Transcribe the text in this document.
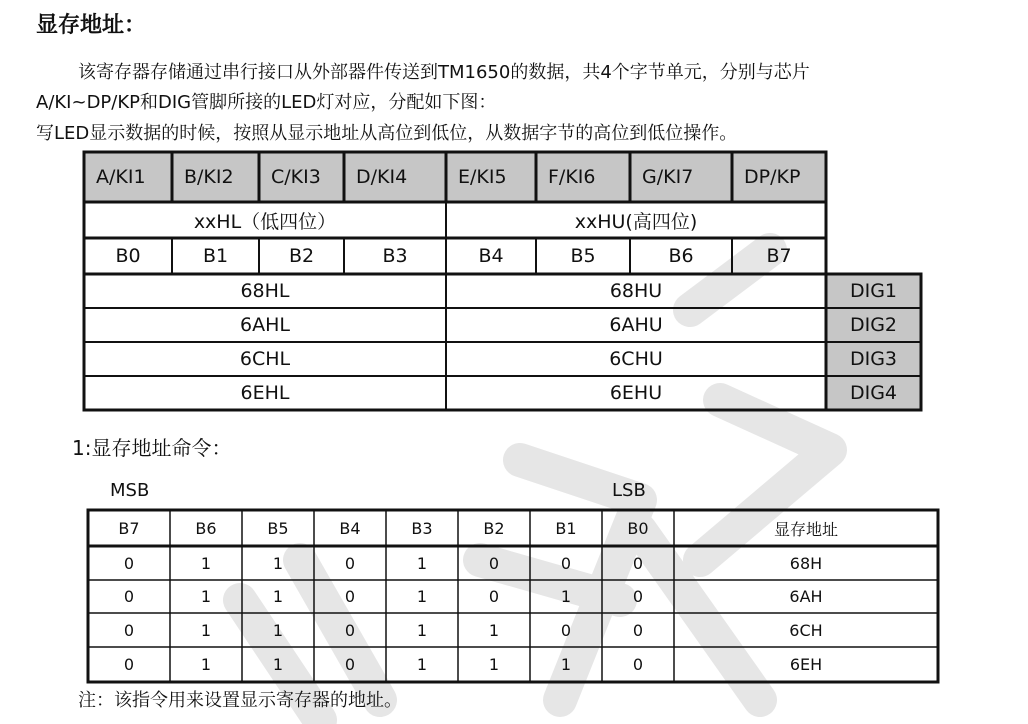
显存地址：
该寄存器存储通过串行接口从外部器件传送到TM1650的数据，共4个字节单元，分别与芯片
A/KI~DP/KP和DIG管脚所接的LED灯对应，分配如下图：
写LED显示数据的时候，按照从显示地址从高位到低位，从数据字节的高位到低位操作。
A/KI1	B/KI2	C/KI3	D/KI4	E/KI5	F/KI6	G/KI7	DP/KP
xxHL（低四位）	xxHU(高四位)
B0	B1	B2	B3	B4	B5	B6	B7
68HL	68HU	DIG1
6AHL	6AHU	DIG2
6CHL	6CHU	DIG3
6EHL	6EHU	DIG4
1:显存地址命令：
MSB	LSB
B7	B6	B5	B4	B3	B2	B1	B0	显存地址
0	1	1	0	1	0	0	0	68H
0	1	1	0	1	0	1	0	6AH
0	1	1	0	1	1	0	0	6CH
0	1	1	0	1	1	1	0	6EH
注：该指令用来设置显示寄存器的地址。
